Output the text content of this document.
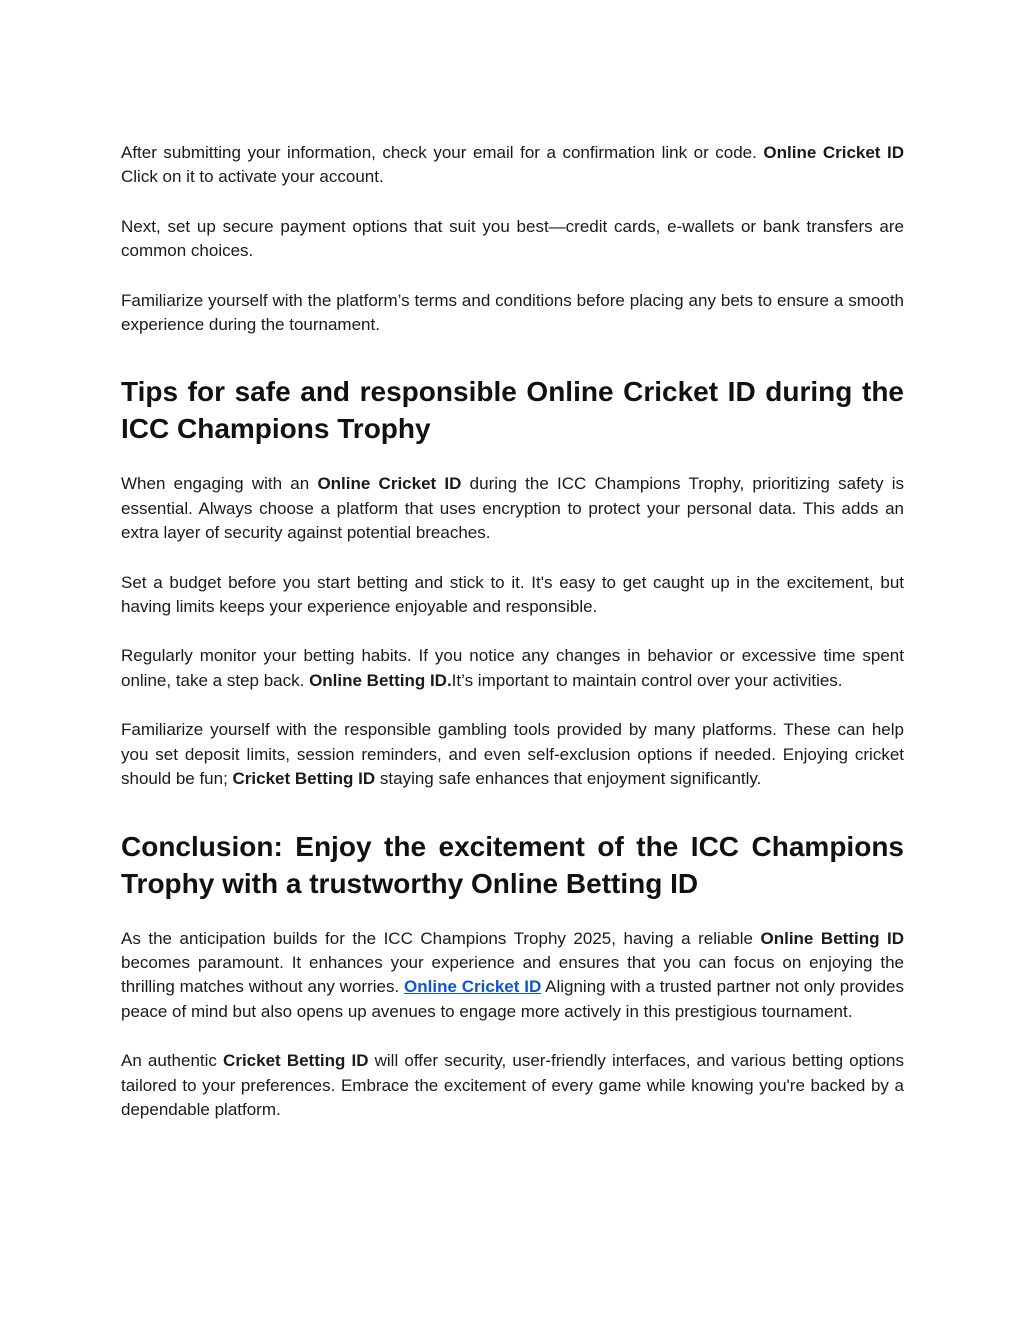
After submitting your information, check your email for a confirmation link or code. Online Cricket ID Click on it to activate your account.

Next, set up secure payment options that suit you best—credit cards, e-wallets or bank transfers are common choices.

Familiarize yourself with the platform’s terms and conditions before placing any bets to ensure a smooth experience during the tournament.

Tips for safe and responsible Online Cricket ID during the ICC Champions Trophy

When engaging with an Online Cricket ID during the ICC Champions Trophy, prioritizing safety is essential. Always choose a platform that uses encryption to protect your personal data. This adds an extra layer of security against potential breaches.

Set a budget before you start betting and stick to it. It's easy to get caught up in the excitement, but having limits keeps your experience enjoyable and responsible.

Regularly monitor your betting habits. If you notice any changes in behavior or excessive time spent online, take a step back. Online Betting ID.It’s important to maintain control over your activities.

Familiarize yourself with the responsible gambling tools provided by many platforms. These can help you set deposit limits, session reminders, and even self-exclusion options if needed. Enjoying cricket should be fun; Cricket Betting ID staying safe enhances that enjoyment significantly.

Conclusion: Enjoy the excitement of the ICC Champions Trophy with a trustworthy Online Betting ID

As the anticipation builds for the ICC Champions Trophy 2025, having a reliable Online Betting ID becomes paramount. It enhances your experience and ensures that you can focus on enjoying the thrilling matches without any worries. Online Cricket ID Aligning with a trusted partner not only provides peace of mind but also opens up avenues to engage more actively in this prestigious tournament.

An authentic Cricket Betting ID will offer security, user-friendly interfaces, and various betting options tailored to your preferences. Embrace the excitement of every game while knowing you're backed by a dependable platform.
